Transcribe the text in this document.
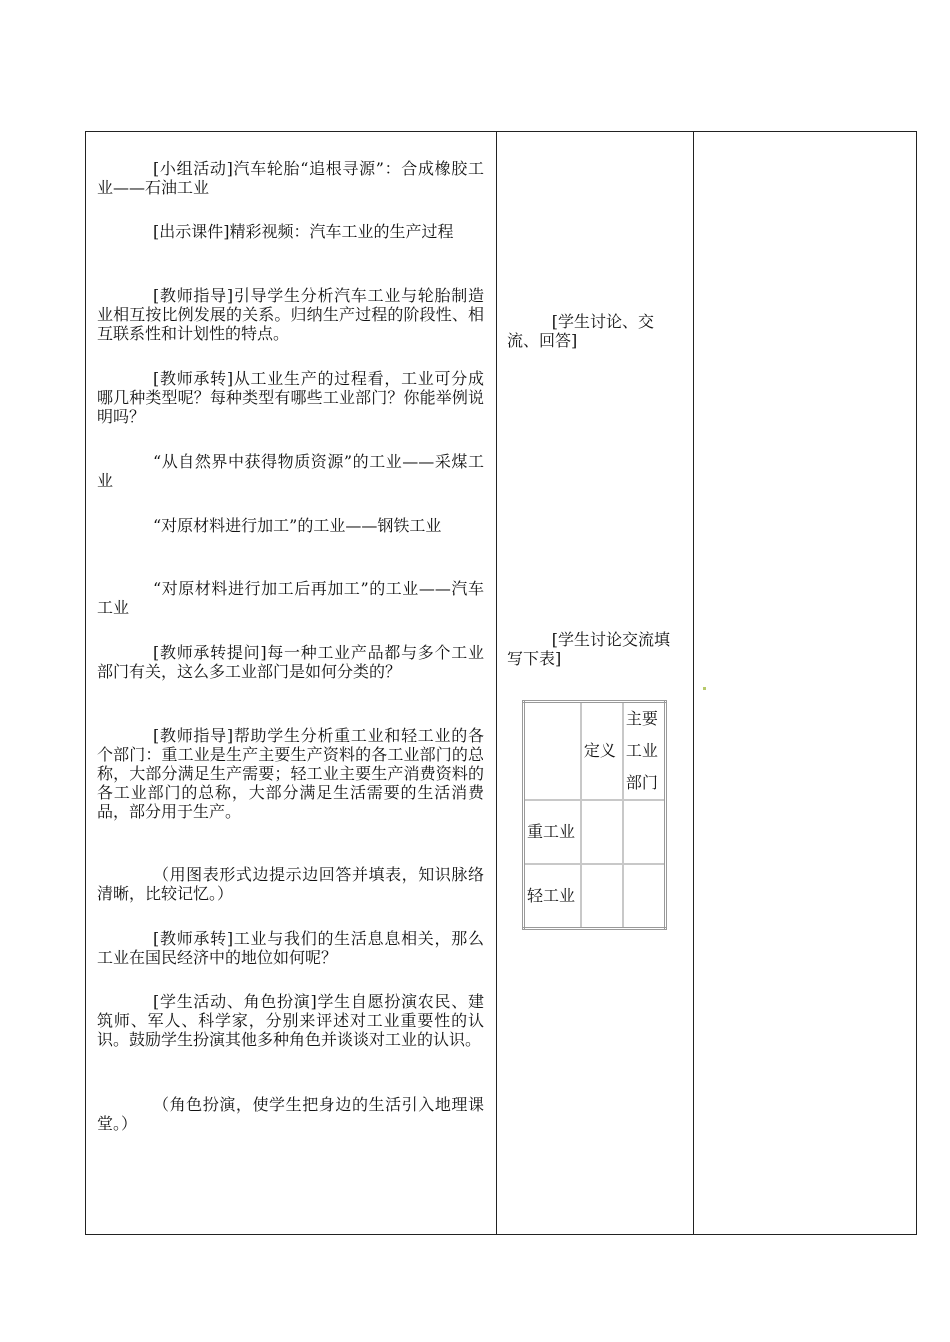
[小组活动]汽车轮胎“追根寻源”：合成橡胶工业——石油工业

[出示课件]精彩视频：汽车工业的生产过程

[教师指导]引导学生分析汽车工业与轮胎制造业相互按比例发展的关系。归纳生产过程的阶段性、相互联系性和计划性的特点。

[教师承转]从工业生产的过程看，工业可分成哪几种类型呢？每种类型有哪些工业部门？你能举例说明吗？

“从自然界中获得物质资源”的工业——采煤工业

“对原材料进行加工”的工业——钢铁工业

“对原材料进行加工后再加工”的工业——汽车工业

[教师承转提问]每一种工业产品都与多个工业部门有关，这么多工业部门是如何分类的？

[教师指导]帮助学生分析重工业和轻工业的各个部门：重工业是生产主要生产资料的各工业部门的总称，大部分满足生产需要；轻工业主要生产消费资料的各工业部门的总称，大部分满足生活需要的生活消费品，部分用于生产。

（用图表形式边提示边回答并填表，知识脉络清晰，比较记忆。）

[教师承转]工业与我们的生活息息相关，那么工业在国民经济中的地位如何呢？

[学生活动、角色扮演]学生自愿扮演农民、建筑师、军人、科学家，分别来评述对工业重要性的认识。鼓励学生扮演其他多种角色并谈谈对工业的认识。

（角色扮演，使学生把身边的生活引入地理课堂。）

[学生讨论、交流、回答]

[学生讨论交流填写下表]

	定义	主要工业部门
重工业		
轻工业		
